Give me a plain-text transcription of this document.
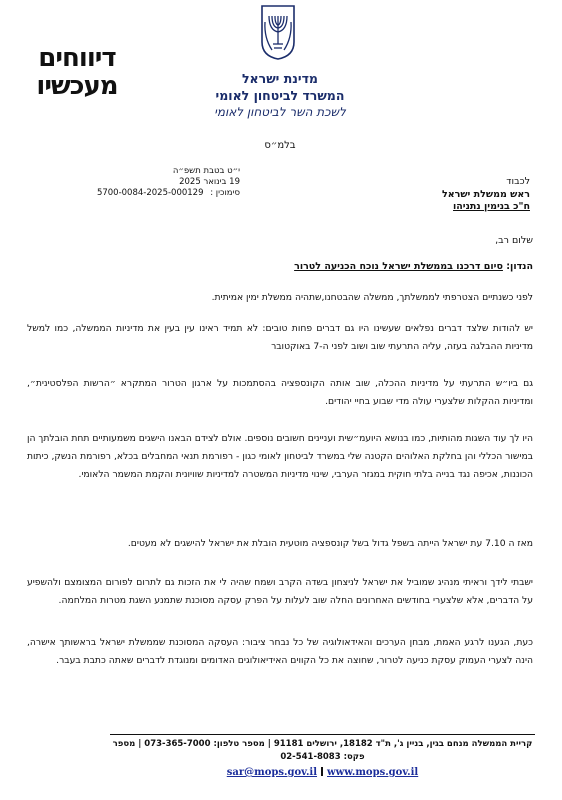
דיווחים
מעכשיו	מדינת ישראל
המשרד לביטחון לאומי
לשכת השר לביטחון לאומי
בלמ״ס
י״ט בטבת תשפ״ה
19 בינואר 2025
סימוכין : 5700-0084-2025-000129
לכבוד
ראש ממשלת ישראל
ח"כ בנימין נתניהו
שלום רב,
הנדון: סיום דרכנו בממשלת ישראל נוכח הכניעה לטרור
לפני כשנתיים הצטרפתי לממשלתך, ממשלה שהבטחנו,שתהיה ממשלת ימין אמיתית.
יש להודות שלצד דברים נפלאים שעשינו היו גם דברים פחות טובים: לא תמיד ראינו עין בעין את מדיניות הממשלה, כמו למשל מדיניות ההבלגה בעזה, עליה התרעתי שוב ושוב לפני ה-7 באוקטובר
גם ביו״ש התרעתי על מדיניות ההכלה, שוב אותה הקונספציה בהסתמכות על ארגון הטרור המתקרא ״הרשות הפלסטינית״, ומדיניות ההקלות שלצערי עולה מדי שבוע בחיי יהודים.
היו לך עוד השגות מהותיות, כמו בנושא היועמ״שית ועניינים חשובים נוספים. אולם לצידם הבאנו הישגים משמעותיים תחת הובלתך הן במישור הכללי והן בחלקת האלוהים הקטנה שלי במשרד לביטחון לאומי כגון - רפורמת תנאי המחבלים בכלא, רפורמת הנשק, כיתות הכוננות, אכיפה נגד בנייה בלתי חוקית במגזר הערבי, שינוי מדיניות המשטרה למדיניות שוויונית והקמת המשמר הלאומי.
מאז ה 7.10 עת ישראל הייתה בשפל גדול בשל קונספציה מוטעית הובלת את ישראל להישגים לא מעטים.
ישבתי לידך וראיתי מנהיג שמוביל את ישראל לניצחון בשדה הקרב ושמח שהיה לי את הזכות גם לתרום לפורום המצומצם ולהשפיע על הדברים, אלא שלצערי בחודשים האחרונים החלה שוב לעלות על הפרק עסקה מסוכנת שתמנע השגת מטרות המלחמה.
כעת, הגענו לרגע האמת, מבחן הערכים והאידאולוגיה של כל נבחר ציבור: העסקה המסוכנת שממשלת ישראל בראשותך אישרה, הינה לצערי העמוק עסקת כניעה לטרור, שחוצה את כל הקווים האידיאולוגים האדומים ומנוגדת לדברים שאתה כתבת בעבר.
קריית הממשלה מנחם בגין, בניין ג', ת"ד 18182, ירושלים 91181 | מספר טלפון: 073-365-7000 | מספר פקס: 02-541-8083
sar@mops.gov.il www.mops.gov.il
